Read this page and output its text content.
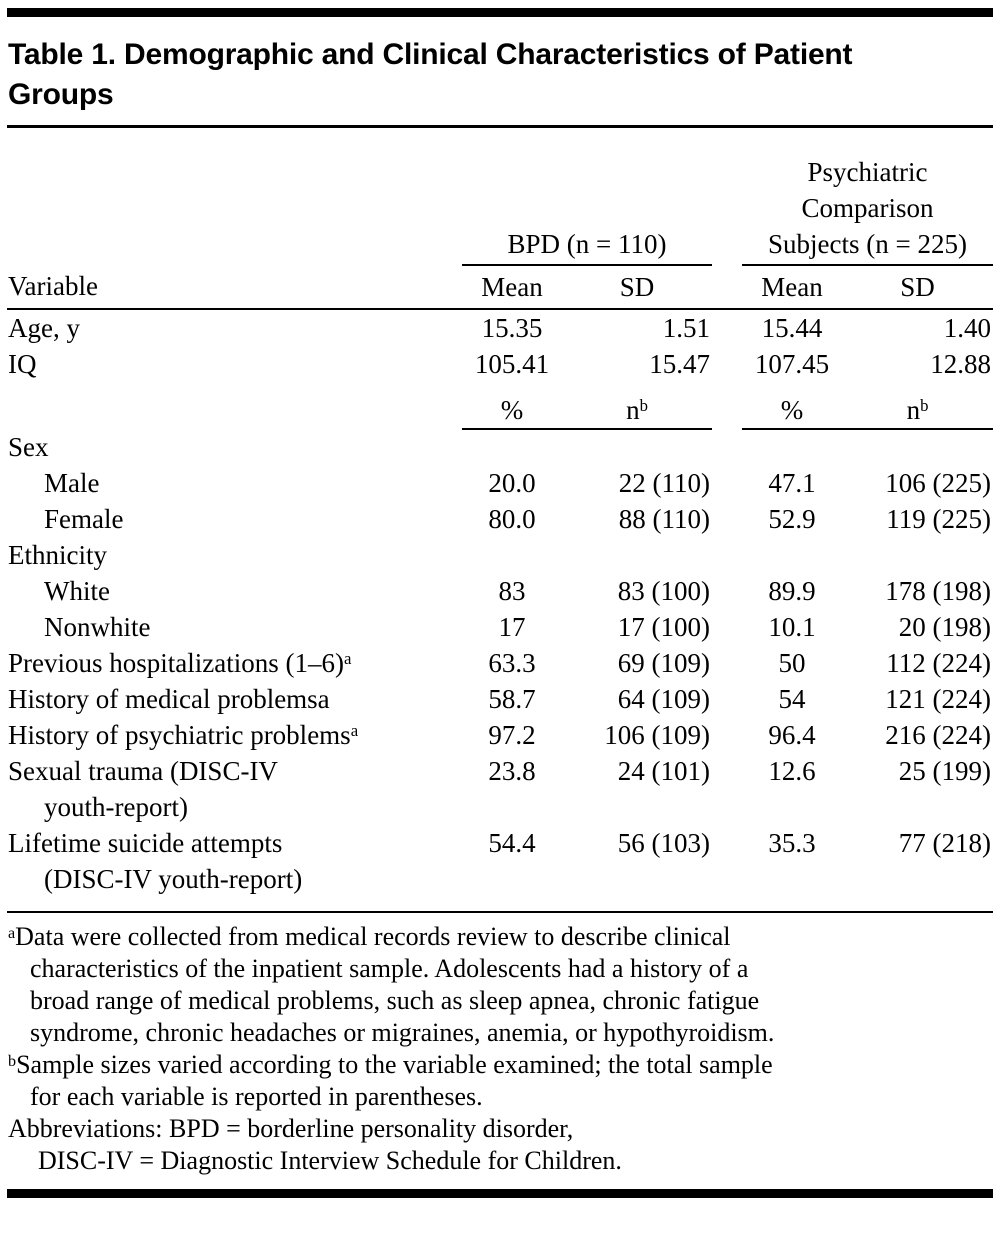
Table 1. Demographic and Clinical Characteristics of Patient
Groups
	BPD (n = 110)			Psychiatric
Comparison
Subjects (n = 225)	

Variable	Mean	SD		Mean	SD
Age, y	15.35	1.51		15.44	1.40
IQ	105.41	15.47		107.45	12.88
	%	$n^b$		%	$n^b$
Sex					
Male	20.0	22 (110)		47.1	106 (225)
Female	80.0	88 (110)		52.9	119 (225)
Ethnicity					
White	83	83 (100)		89.9	178 (198)
Nonwhite	17	17 (100)		10.1	20 (198)
Previous hospitalizations $(1-6)^a$	63.3	69 (109)		50	112 (224)
History of medical problemsa	58.7	64 (109)		54	121 (224)
History of psychiatric problems$^a$	97.2	106 (109)		96.4	216 (224)
Sexual trauma (DISC-IV
youth-report)	23.8	24 (101)		12.6	25 (199)
Lifetime suicide attempts
(DISC-IV youth-report)	54.4	56 (103)		35.3	77 (218)
$^a$Data were collected from medical records review to describe clinical
characteristics of the inpatient sample. Adolescents had a history of a
broad range of medical problems, such as sleep apnea, chronic fatigue
syndrome, chronic headaches or migraines, anemia, or hypothyroidism.
$^b$Sample sizes varied according to the variable examined; the total sample
for each variable is reported in parentheses.
Abbreviations: BPD = borderline personality disorder,
DISC-IV = Diagnostic Interview Schedule for Children.
